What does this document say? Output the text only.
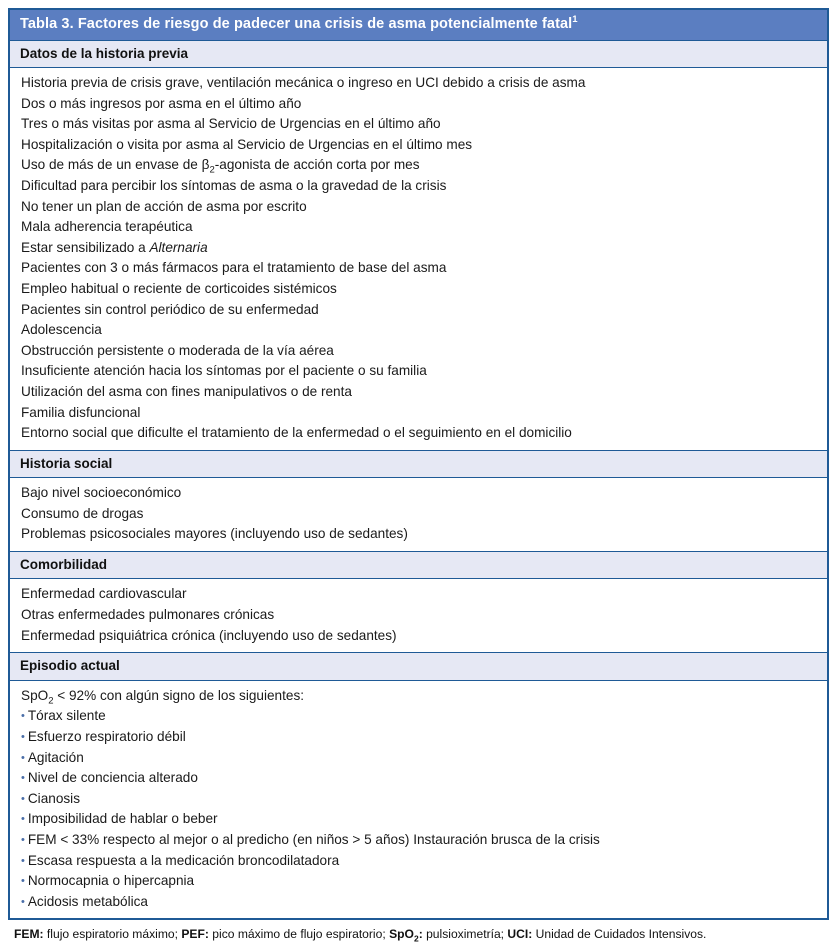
Tabla 3. Factores de riesgo de padecer una crisis de asma potencialmente fatal$^1$
Datos de la historia previa
Historia previa de crisis grave, ventilación mecánica o ingreso en UCI debido a crisis de asma
Dos o más ingresos por asma en el último año
Tres o más visitas por asma al Servicio de Urgencias en el último año
Hospitalización o visita por asma al Servicio de Urgencias en el último mes
Uso de más de un envase de $\beta_2$-agonista de acción corta por mes
Dificultad para percibir los síntomas de asma o la gravedad de la crisis
No tener un plan de acción de asma por escrito
Mala adherencia terapéutica
Estar sensibilizado a Alternaria
Pacientes con 3 o más fármacos para el tratamiento de base del asma
Empleo habitual o reciente de corticoides sistémicos
Pacientes sin control periódico de su enfermedad
Adolescencia
Obstrucción persistente o moderada de la vía aérea
Insuficiente atención hacia los síntomas por el paciente o su familia
Utilización del asma con fines manipulativos o de renta
Familia disfuncional
Entorno social que dificulte el tratamiento de la enfermedad o el seguimiento en el domicilio
Historia social
Bajo nivel socioeconómico
Consumo de drogas
Problemas psicosociales mayores (incluyendo uso de sedantes)
Comorbilidad
Enfermedad cardiovascular
Otras enfermedades pulmonares crónicas
Enfermedad psiquiátrica crónica (incluyendo uso de sedantes)
Episodio actual
SpO$_2$ < 92% con algún signo de los siguientes:
• Tórax silente
• Esfuerzo respiratorio débil
• Agitación
• Nivel de conciencia alterado
• Cianosis
• Imposibilidad de hablar o beber
• FEM < 33% respecto al mejor o al predicho (en niños > 5 años) Instauración brusca de la crisis
• Escasa respuesta a la medicación broncodilatadora
• Normocapnia o hipercapnia
• Acidosis metabólica
FEM: flujo espiratorio máximo; PEF: pico máximo de flujo espiratorio; SpO$_2$: pulsioximetría; UCI: Unidad de Cuidados Intensivos.
